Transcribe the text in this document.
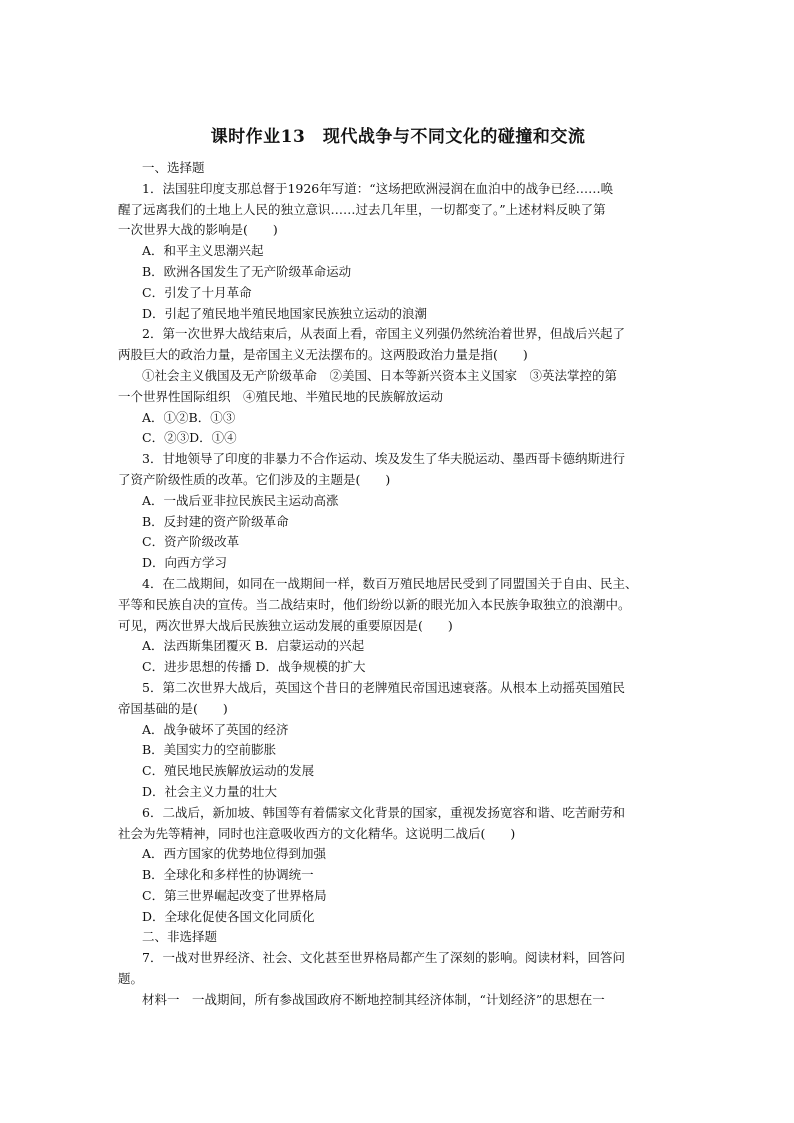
课时作业13　现代战争与不同文化的碰撞和交流
一、选择题
1．法国驻印度支那总督于1926年写道：“这场把欧洲浸润在血泊中的战争已经……唤
醒了远离我们的土地上人民的独立意识……过去几年里，一切都变了。”上述材料反映了第
一次世界大战的影响是(　　)
A．和平主义思潮兴起
B．欧洲各国发生了无产阶级革命运动
C．引发了十月革命
D．引起了殖民地半殖民地国家民族独立运动的浪潮
2．第一次世界大战结束后，从表面上看，帝国主义列强仍然统治着世界，但战后兴起了
两股巨大的政治力量，是帝国主义无法摆布的。这两股政治力量是指(　　)
①社会主义俄国及无产阶级革命　②美国、日本等新兴资本主义国家　③英法掌控的第
一个世界性国际组织　④殖民地、半殖民地的民族解放运动
A．①②B．①③
C．②③D．①④
3．甘地领导了印度的非暴力不合作运动、埃及发生了华夫脱运动、墨西哥卡德纳斯进行
了资产阶级性质的改革。它们涉及的主题是(　　)
A．一战后亚非拉民族民主运动高涨
B．反封建的资产阶级革命
C．资产阶级改革
D．向西方学习
4．在二战期间，如同在一战期间一样，数百万殖民地居民受到了同盟国关于自由、民主、
平等和民族自决的宣传。当二战结束时，他们纷纷以新的眼光加入本民族争取独立的浪潮中。
可见，两次世界大战后民族独立运动发展的重要原因是(　　)
A．法西斯集团覆灭 B．启蒙运动的兴起
C．进步思想的传播 D．战争规模的扩大
5．第二次世界大战后，英国这个昔日的老牌殖民帝国迅速衰落。从根本上动摇英国殖民
帝国基础的是(　　)
A．战争破坏了英国的经济
B．美国实力的空前膨胀
C．殖民地民族解放运动的发展
D．社会主义力量的壮大
6．二战后，新加坡、韩国等有着儒家文化背景的国家，重视发扬宽容和谐、吃苦耐劳和
社会为先等精神，同时也注意吸收西方的文化精华。这说明二战后(　　)
A．西方国家的优势地位得到加强
B．全球化和多样性的协调统一
C．第三世界崛起改变了世界格局
D．全球化促使各国文化同质化
二、非选择题
7．一战对世界经济、社会、文化甚至世界格局都产生了深刻的影响。阅读材料，回答问
题。
材料一　一战期间，所有参战国政府不断地控制其经济体制，“计划经济”的思想在一
